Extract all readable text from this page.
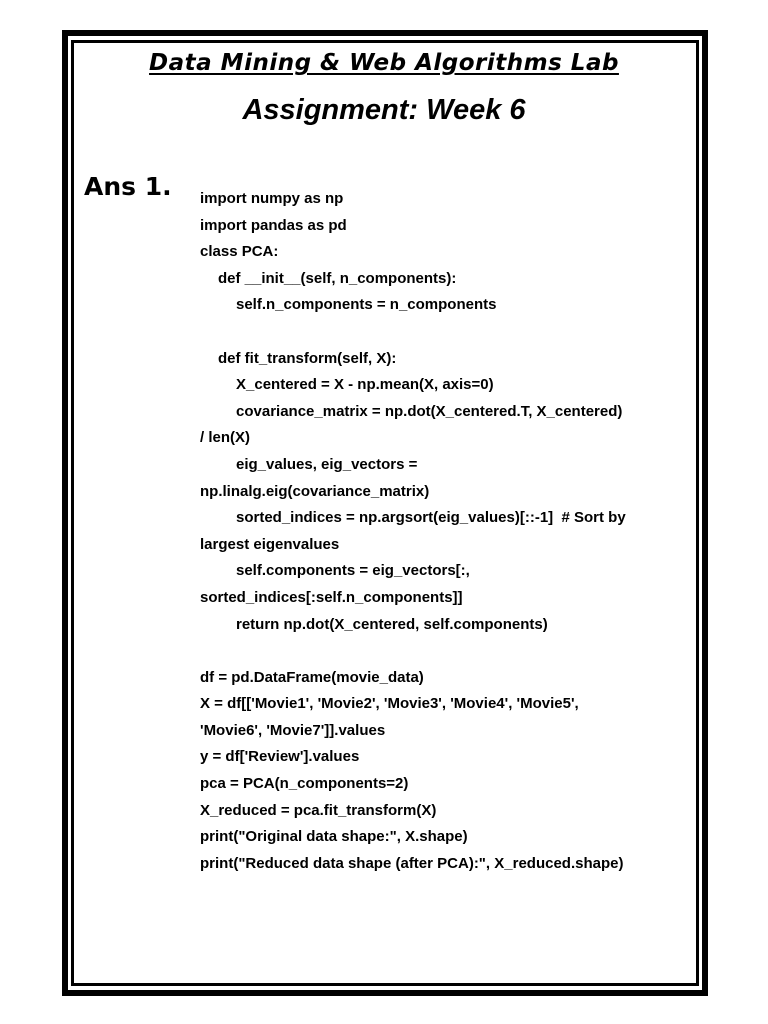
Data Mining & Web Algorithms Lab
Assignment: Week 6
Ans 1. import numpy as np
import pandas as pd
class PCA:
def __init__(self, n_components):
self.n_components = n_components
def fit_transform(self, X):
X_centered = X - np.mean(X, axis=0)
covariance_matrix = np.dot(X_centered.T, X_centered)
/ len(X)
eig_values, eig_vectors =
np.linalg.eig(covariance_matrix)
sorted_indices = np.argsort(eig_values)[::-1]  # Sort by
largest eigenvalues
self.components = eig_vectors[:,
sorted_indices[:self.n_components]]
return np.dot(X_centered, self.components)
df = pd.DataFrame(movie_data)
X = df[['Movie1', 'Movie2', 'Movie3', 'Movie4', 'Movie5',
'Movie6', 'Movie7']].values
y = df['Review'].values
pca = PCA(n_components=2)
X_reduced = pca.fit_transform(X)
print("Original data shape:", X.shape)
print("Reduced data shape (after PCA):", X_reduced.shape)
